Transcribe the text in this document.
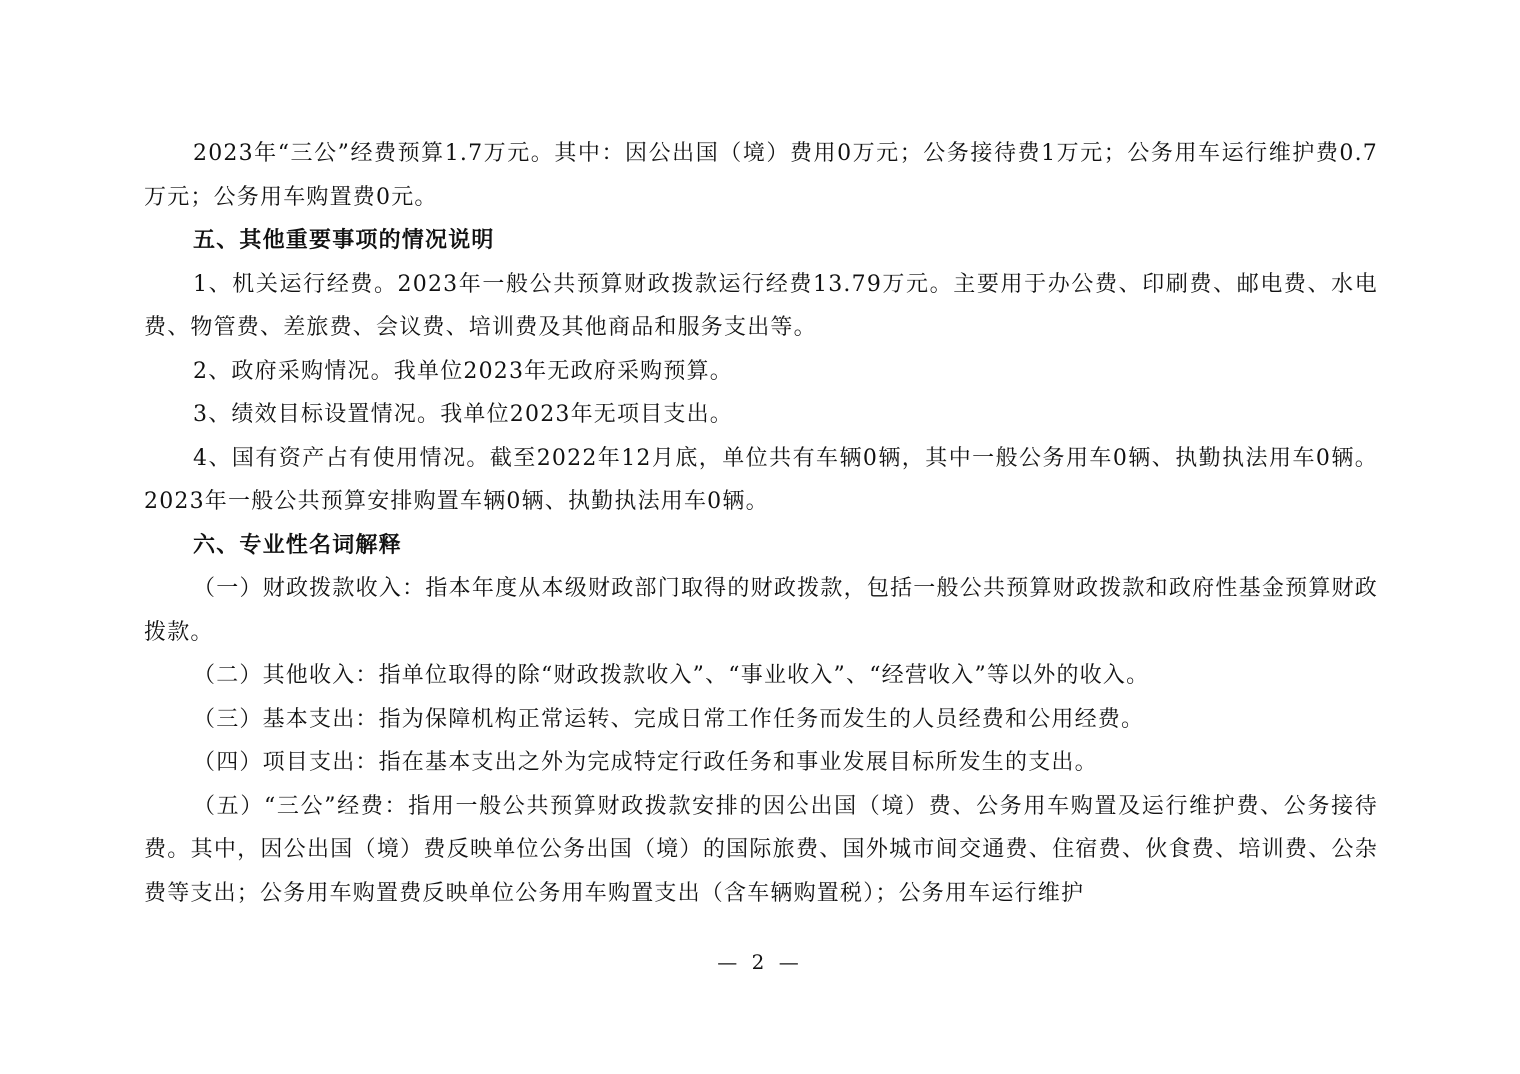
2023年“三公”经费预算1.7万元。其中：因公出国（境）费用0万元；公务接待费1万元；公务用车运行维护费0.7万元；公务用车购置费0元。

五、其他重要事项的情况说明

1、机关运行经费。2023年一般公共预算财政拨款运行经费13.79万元。主要用于办公费、印刷费、邮电费、水电费、物管费、差旅费、会议费、培训费及其他商品和服务支出等。

2、政府采购情况。我单位2023年无政府采购预算。

3、绩效目标设置情况。我单位2023年无项目支出。

4、国有资产占有使用情况。截至2022年12月底，单位共有车辆0辆，其中一般公务用车0辆、执勤执法用车0辆。2023年一般公共预算安排购置车辆0辆、执勤执法用车0辆。

六、专业性名词解释

（一）财政拨款收入：指本年度从本级财政部门取得的财政拨款，包括一般公共预算财政拨款和政府性基金预算财政拨款。

（二）其他收入：指单位取得的除“财政拨款收入”、“事业收入”、“经营收入”等以外的收入。

（三）基本支出：指为保障机构正常运转、完成日常工作任务而发生的人员经费和公用经费。

（四）项目支出：指在基本支出之外为完成特定行政任务和事业发展目标所发生的支出。

（五）“三公”经费：指用一般公共预算财政拨款安排的因公出国（境）费、公务用车购置及运行维护费、公务接待费。其中，因公出国（境）费反映单位公务出国（境）的国际旅费、国外城市间交通费、住宿费、伙食费、培训费、公杂费等支出；公务用车购置费反映单位公务用车购置支出（含车辆购置税）；公务用车运行维护

— 2 —
